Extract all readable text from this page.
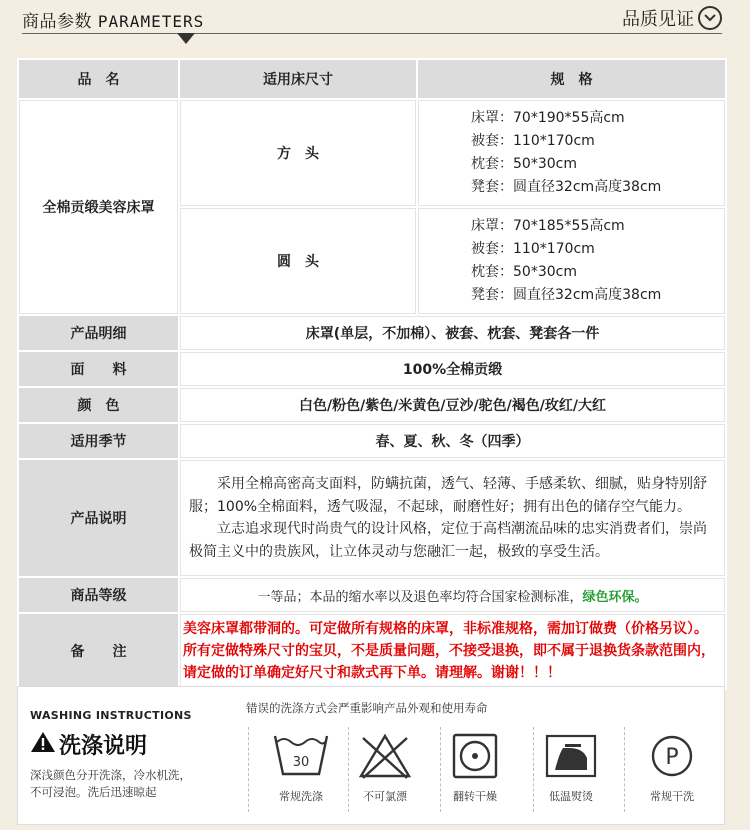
商品参数 PARAMETERS	品质见证
品　名	适用床尺寸	规　格
全棉贡缎美容床罩	方　头	床罩：70*190*55高cm
被套：110*170cm
枕套：50*30cm
凳套：圆直径32cm高度38cm

	圆　头	床罩：70*185*55高cm
被套：110*170cm
枕套：50*30cm
凳套：圆直径32cm高度38cm

产品明细	床罩(单层，不加棉）、被套、枕套、凳套各一件	
面　　料	100%全棉贡缎	
颜　色	白色/粉色/紫色/米黄色/豆沙/驼色/褐色/玫红/大红	
适用季节	春、夏、秋、冬（四季）	
产品说明	采用全棉高密高支面料，防螨抗菌，透气、轻薄、手感柔软、细腻，贴身特别舒服；100%全棉面料，透气吸湿，不起球，耐磨性好；拥有出色的储存空气能力。

立志追求现代时尚贵气的设计风格，定位于高档潮流品味的忠实消费者们，崇尚极简主义中的贵族风，让立体灵动与您融汇一起，极致的享受生活。	

商品等级	一等品；本品的缩水率以及退色率均符合国家检测标准，绿色环保。	
备　　注	美容床罩都带洞的。可定做所有规格的床罩，非标准规格，需加订做费（价格另议）。所有定做特殊尺寸的宝贝，不是质量问题，不接受退换，即不属于退换货条款范围内，请定做的订单确定好尺寸和款式再下单。请理解。谢谢！！！	
WASHING INSTRUCTIONS
洗涤说明
深浅颜色分开洗涤，冷水机洗，
不可浸泡。洗后迅速晾起
错误的洗涤方式会严重影响产品外观和使用寿命
30
常规洗涤	不可氯漂	翻转干燥	低温熨烫
P
常规干洗
